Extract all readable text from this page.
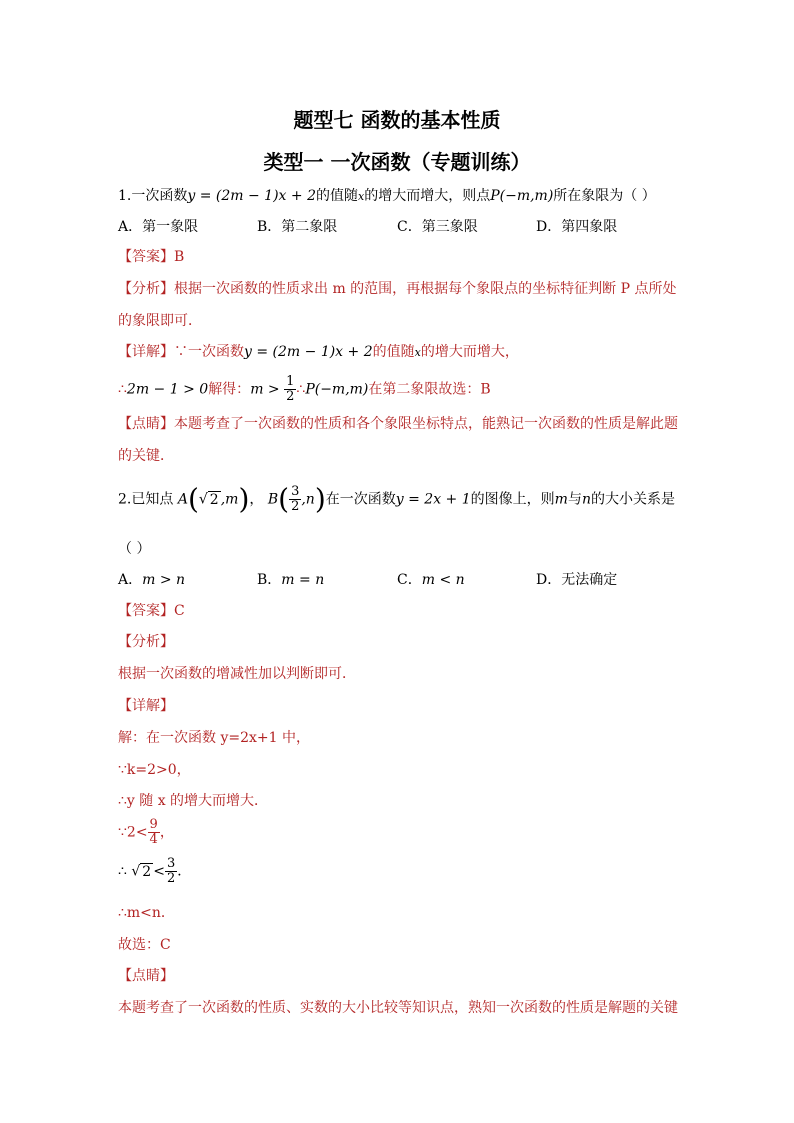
题型七 函数的基本性质
类型一 一次函数（专题训练）
1.一次函数y = (2m − 1)x + 2的值随x的增大而增大，则点P(−m,m)所在象限为（ ）
A．第一象限	B．第二象限	C．第三象限	D．第四象限
【答案】B
【分析】根据一次函数的性质求出 m 的范围，再根据每个象限点的坐标特征判断 P 点所处
的象限即可．
【详解】∵一次函数y = (2m − 1)x + 2的值随x的增大而增大，
∴2m − 1 > 0解得：$m > \frac{1}{2}$ ∴P(−m,m)在第二象限故选：B
【点睛】本题考查了一次函数的性质和各个象限坐标特点，能熟记一次函数的性质是解此题
的关键．
2.已知点 A(√ 2 ,m)， $B( \frac{3}{2} ,n)$在一次函数y = 2x + 1的图像上，则m与n的大小关系是
（ ）
A．m > n	B．m = n	C．m < n	D．无法确定
【答案】C
【分析】
根据一次函数的增减性加以判断即可．
【详解】
解：在一次函数 y=2x+1 中，
∵k=2>0，
∴y 随 x 的增大而增大．
∵2< $\frac{9}{4}$ ，
∴ √ $2 < \frac{3}{2}$ ．
∴m<n．
故选：C
【点睛】
本题考查了一次函数的性质、实数的大小比较等知识点，熟知一次函数的性质是解题的关键
